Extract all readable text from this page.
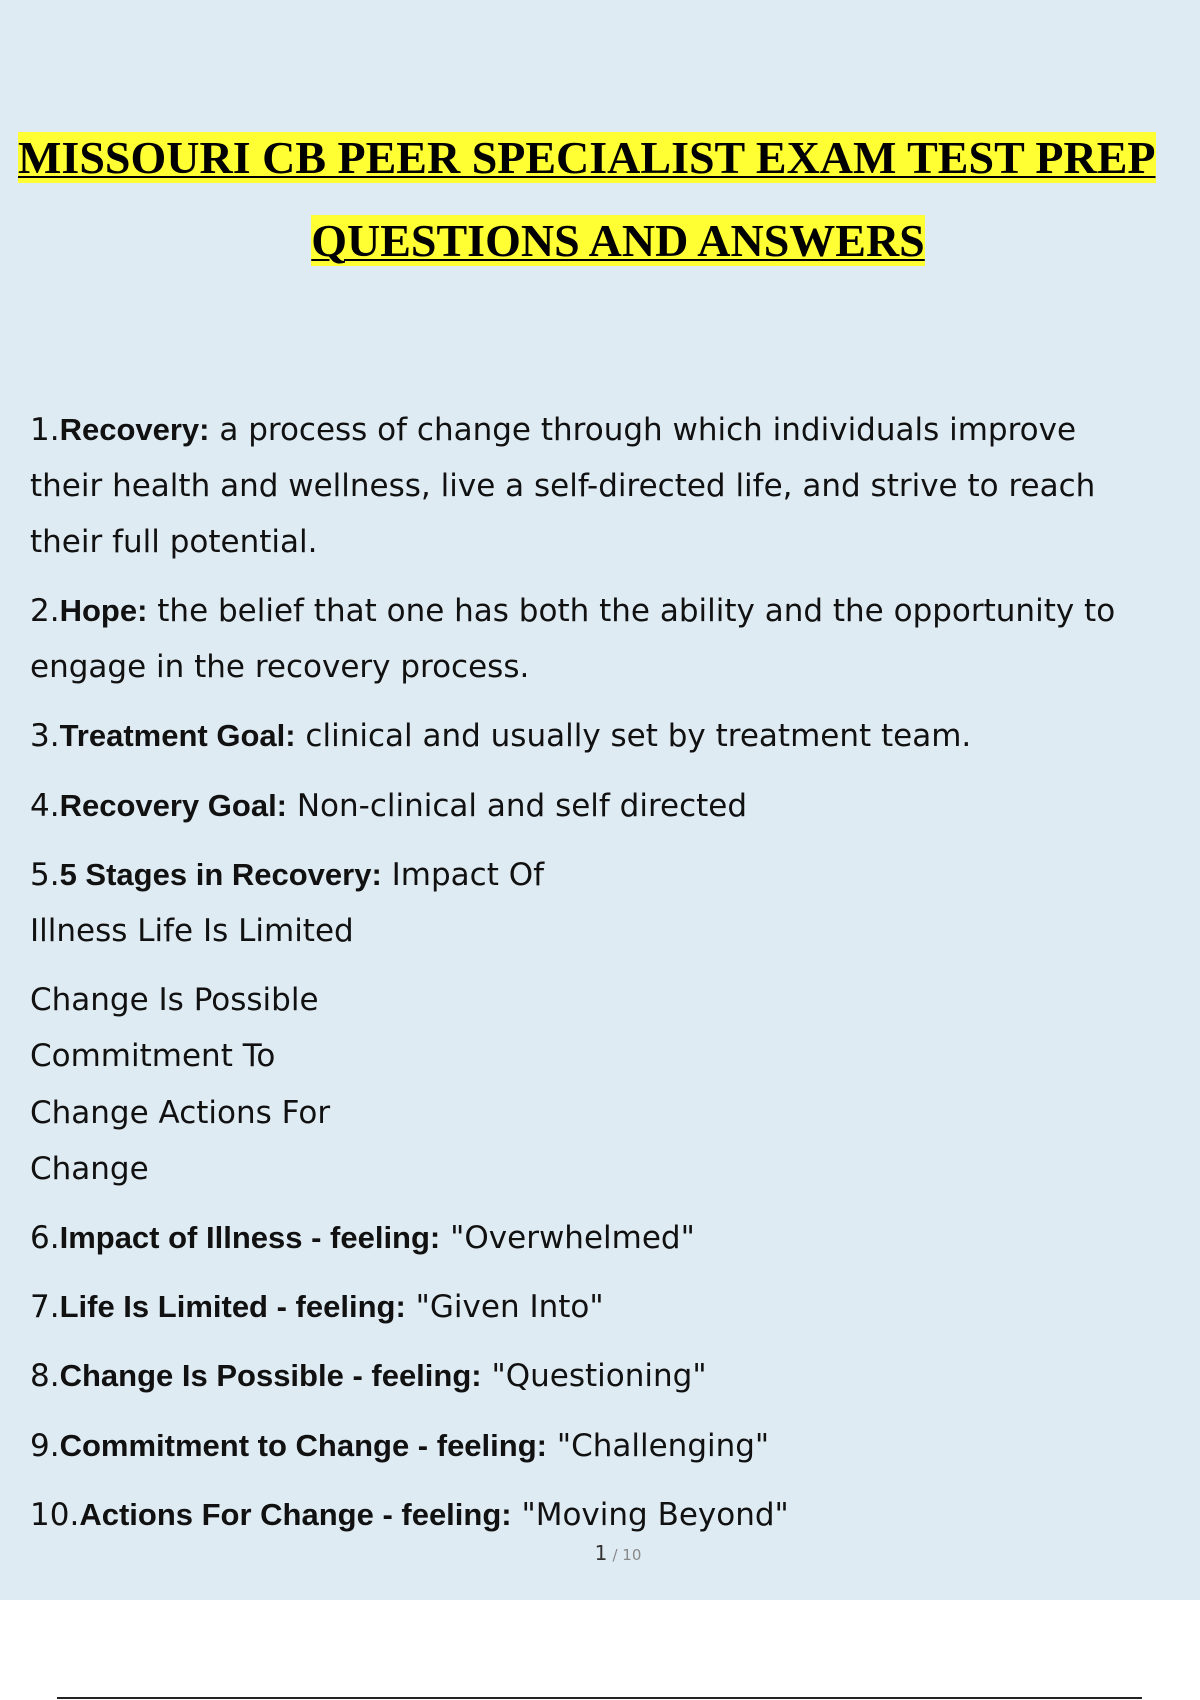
MISSOURI CB PEER SPECIALIST EXAM TEST PREP
QUESTIONS AND ANSWERS
1.Recovery: a process of change through which individuals improve
their health and wellness, live a self-directed life, and strive to reach
their full potential.
2.Hope: the belief that one has both the ability and the opportunity to
engage in the recovery process.
3.Treatment Goal: clinical and usually set by treatment team.
4.Recovery Goal: Non-clinical and self directed
5.5 Stages in Recovery: Impact Of
Illness Life Is Limited
Change Is Possible
Commitment To
Change Actions For
Change
6.Impact of Illness - feeling: "Overwhelmed"
7.Life Is Limited - feeling: "Given Into"
8.Change Is Possible - feeling: "Questioning"
9.Commitment to Change - feeling: "Challenging"
10.Actions For Change - feeling: "Moving Beyond"
1 / 10
